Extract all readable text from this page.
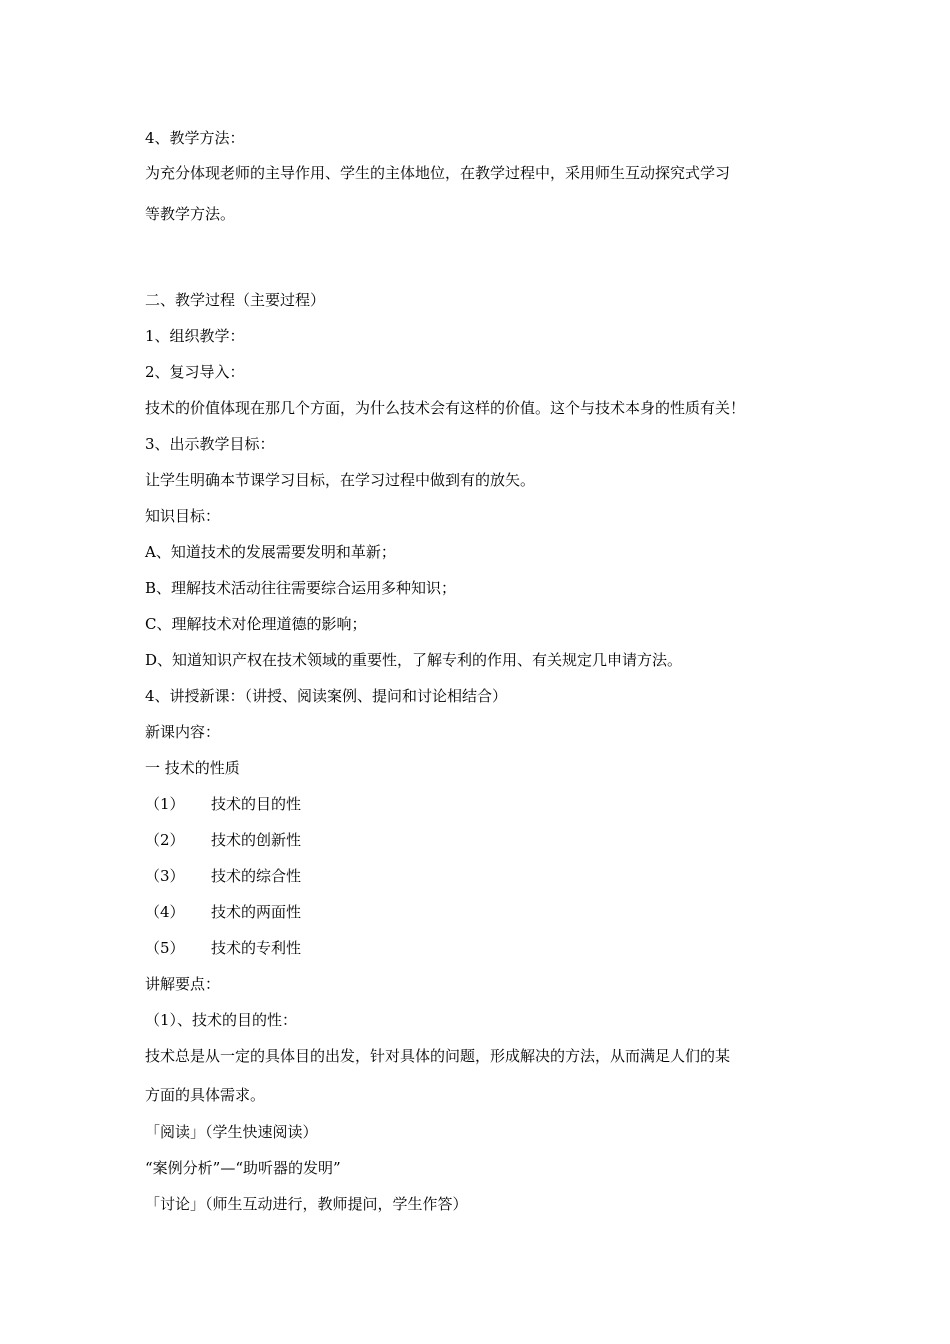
4、教学方法：
为充分体现老师的主导作用、学生的主体地位，在教学过程中，采用师生互动探究式学习
等教学方法。
二、教学过程（主要过程）
1、组织教学：
2、复习导入：
技术的价值体现在那几个方面，为什么技术会有这样的价值。这个与技术本身的性质有关！
3、出示教学目标：
让学生明确本节课学习目标，在学习过程中做到有的放矢。
知识目标：
A、知道技术的发展需要发明和革新；
B、理解技术活动往往需要综合运用多种知识；
C、理解技术对伦理道德的影响；
D、知道知识产权在技术领域的重要性，了解专利的作用、有关规定几申请方法。
4、讲授新课：（讲授、阅读案例、提问和讨论相结合）
新课内容：
一 技术的性质
（1） 技术的目的性
（2） 技术的创新性
（3） 技术的综合性
（4） 技术的两面性
（5） 技术的专利性
讲解要点：
（1）、技术的目的性：
技术总是从一定的具体目的出发，针对具体的问题，形成解决的方法，从而满足人们的某
方面的具体需求。
「阅读」（学生快速阅读）
“案例分析”—“助听器的发明”
「讨论」（师生互动进行，教师提问，学生作答）
